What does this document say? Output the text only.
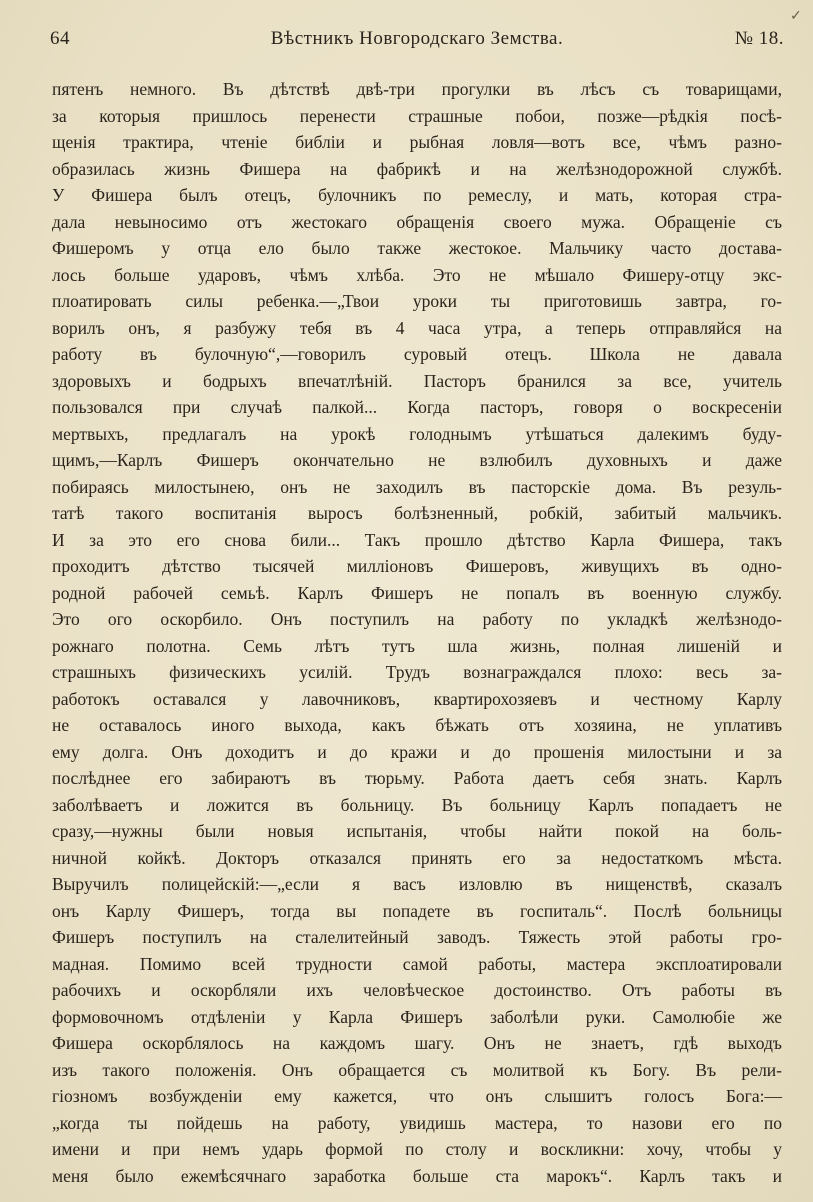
✓
64	Вѣстникъ Новгородскаго Земства.	№ 18.
пятенъ немного. Въ дѣтствѣ двѣ-три прогулки въ лѣсъ съ товарищами,
за которыя пришлось перенести страшные побои, позже—рѣдкія посѣ-
щенія трактира, чтеніе библіи и рыбная ловля—вотъ все, чѣмъ разно-
образилась жизнь Фишера на фабрикѣ и на желѣзнодорожной службѣ.
У Фишера былъ отецъ, булочникъ по ремеслу, и мать, которая стра-
дала невыносимо отъ жестокаго обращенія своего мужа. Обращеніе съ
Фишеромъ у отца ело было также жестокое. Мальчику часто достава-
лось больше ударовъ, чѣмъ хлѣба. Это не мѣшало Фишеру-отцу экс-
плоатировать силы ребенка.—„Твои уроки ты приготовишь завтра, го-
ворилъ онъ, я разбужу тебя въ 4 часа утра, а теперь отправляйся на
работу въ булочную“,—говорилъ суровый отецъ. Школа не давала
здоровыхъ и бодрыхъ впечатлѣній. Пасторъ бранился за все, учитель
пользовался при случаѣ палкой... Когда пасторъ, говоря о воскресеніи
мертвыхъ, предлагалъ на урокѣ голоднымъ утѣшаться далекимъ буду-
щимъ,—Карлъ Фишеръ окончательно не взлюбилъ духовныхъ и даже
побираясь милостынею, онъ не заходилъ въ пасторскіе дома. Въ резуль-
татѣ такого воспитанія выросъ болѣзненный, робкій, забитый мальчикъ.
И за это его снова били... Такъ прошло дѣтство Карла Фишера, такъ
проходитъ дѣтство тысячей милліоновъ Фишеровъ, живущихъ въ одно-
родной рабочей семьѣ. Карлъ Фишеръ не попалъ въ военную службу.
Это ого оскорбило. Онъ поступилъ на работу по укладкѣ желѣзнодо-
рожнаго полотна. Семь лѣтъ тутъ шла жизнь, полная лишеній и
страшныхъ физическихъ усилій. Трудъ вознаграждался плохо: весь за-
работокъ оставался у лавочниковъ, квартирохозяевъ и честному Карлу
не оставалось иного выхода, какъ бѣжать отъ хозяина, не уплативъ
ему долга. Онъ доходитъ и до кражи и до прошенія милостыни и за
послѣднее его забираютъ въ тюрьму. Работа даетъ себя знать. Карлъ
заболѣваетъ и ложится въ больницу. Въ больницу Карлъ попадаетъ не
сразу,—нужны были новыя испытанія, чтобы найти покой на боль-
ничной койкѣ. Докторъ отказался принять его за недостаткомъ мѣста.
Выручилъ полицейскій:—„если я васъ изловлю въ нищенствѣ, сказалъ
онъ Карлу Фишеръ, тогда вы попадете въ госпиталь“. Послѣ больницы
Фишеръ поступилъ на сталелитейный заводъ. Тяжесть этой работы гро-
мадная. Помимо всей трудности самой работы, мастера эксплоатировали
рабочихъ и оскорбляли ихъ человѣческое достоинство. Отъ работы въ
формовочномъ отдѣленіи у Карла Фишеръ заболѣли руки. Самолюбіе же
Фишера оскорблялось на каждомъ шагу. Онъ не знаетъ, гдѣ выходъ
изъ такого положенія. Онъ обращается съ молитвой къ Богу. Въ рели-
гіозномъ возбужденіи ему кажется, что онъ слышитъ голосъ Бога:—
„когда ты пойдешь на работу, увидишь мастера, то назови его по
имени и при немъ ударь формой по столу и воскликни: хочу, чтобы у
меня было ежемѣсячнаго заработка больше ста марокъ“. Карлъ такъ и
